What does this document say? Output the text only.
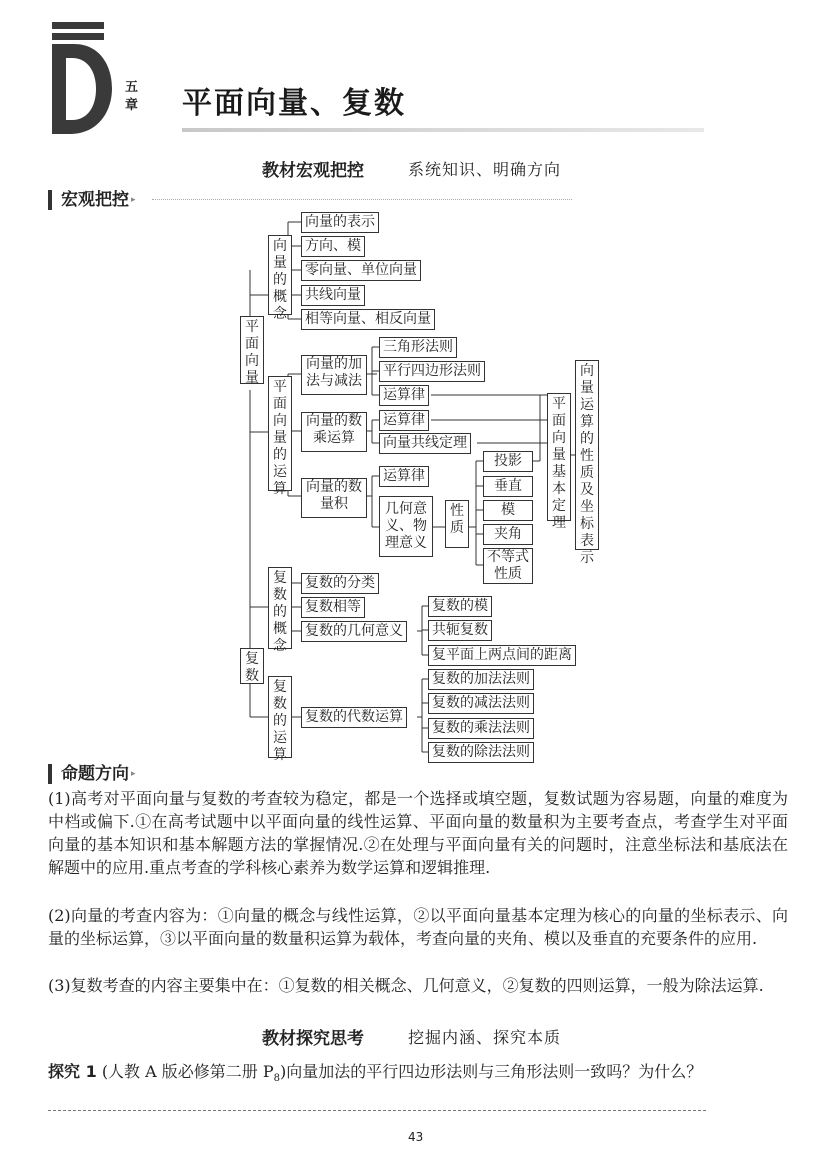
五
章 平面向量、复数
教材宏观把控	系统知识、明确方向
宏观把控 ▸
平面向量
向量的概念
向量的表示
方向、模
零向量、单位向量
共线向量
相等向量、相反向量
平面向量的运算
向量的加法与减法
三角形法则
平行四边形法则
运算律
向量的数乘运算
运算律
向量共线定理
向量的数量积
运算律
几何意义、物理意义
性质
投影
垂直
模
夹角
不等式性质
平面向量基本定理
向量运算的性质及坐标表示
复数
复数的概念
复数的分类
复数相等
复数的几何意义
复数的模
共轭复数
复平面上两点间的距离
复数的运算
复数的代数运算
复数的加法法则
复数的减法法则
复数的乘法法则
复数的除法法则
命题方向 ▸
(1)高考对平面向量与复数的考查较为稳定，都是一个选择或填空题，复数试题为容易题，向量的难度为中档或偏下.①在高考试题中以平面向量的线性运算、平面向量的数量积为主要考查点，考查学生对平面向量的基本知识和基本解题方法的掌握情况.②在处理与平面向量有关的问题时，注意坐标法和基底法在解题中的应用.重点考查的学科核心素养为数学运算和逻辑推理.
(2)向量的考查内容为：①向量的概念与线性运算，②以平面向量基本定理为核心的向量的坐标表示、向量的坐标运算，③以平面向量的数量积运算为载体，考查向量的夹角、模以及垂直的充要条件的应用.
(3)复数考查的内容主要集中在：①复数的相关概念、几何意义，②复数的四则运算，一般为除法运算.
教材探究思考	挖掘内涵、探究本质
探究 1 (人教 A 版必修第二册 $P_8$)向量加法的平行四边形法则与三角形法则一致吗？为什么？
43
